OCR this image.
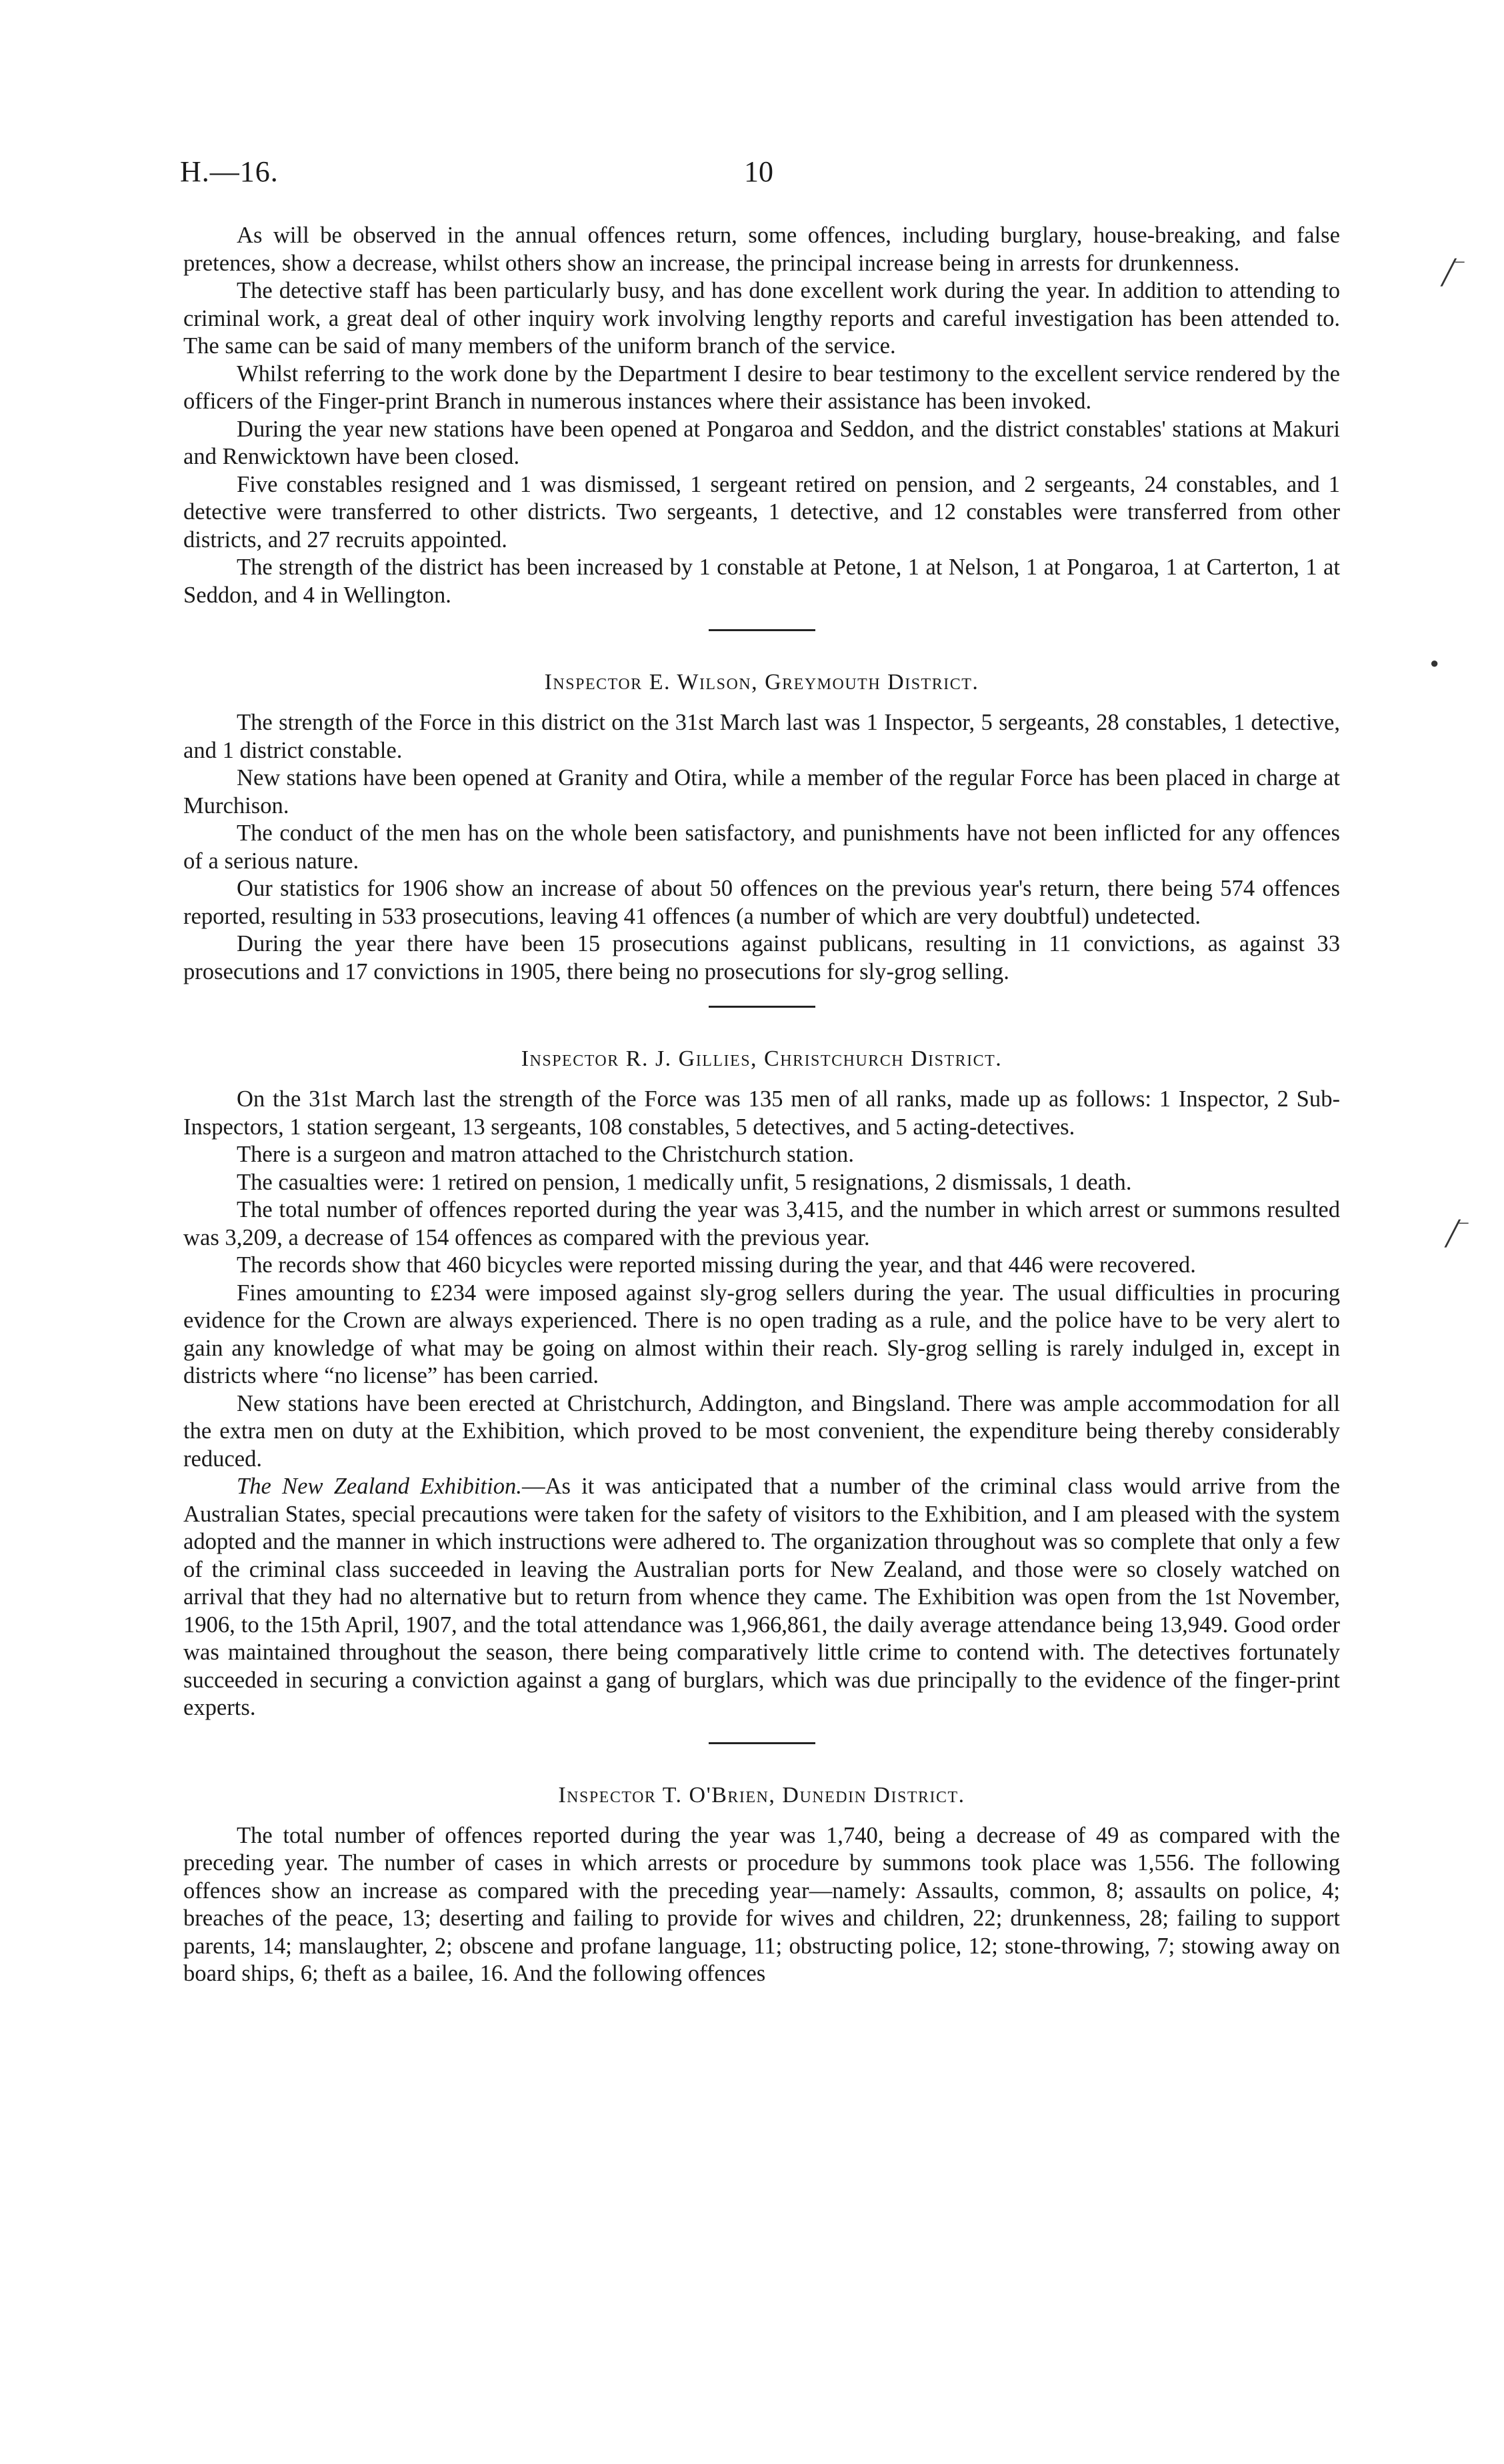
H.—16.	10
╱‾
╱‾
●

As will be observed in the annual offences return, some offences, including burglary, house-breaking, and false pretences, show a decrease, whilst others show an increase, the principal increase being in arrests for drunkenness.

The detective staff has been particularly busy, and has done excellent work during the year. In addition to attending to criminal work, a great deal of other inquiry work involving lengthy reports and careful investigation has been attended to. The same can be said of many members of the uniform branch of the service.

Whilst referring to the work done by the Department I desire to bear testimony to the excellent service rendered by the officers of the Finger-print Branch in numerous instances where their assistance has been invoked.

During the year new stations have been opened at Pongaroa and Seddon, and the district constables' stations at Makuri and Renwicktown have been closed.

Five constables resigned and 1 was dismissed, 1 sergeant retired on pension, and 2 sergeants, 24 constables, and 1 detective were transferred to other districts. Two sergeants, 1 detective, and 12 constables were transferred from other districts, and 27 recruits appointed.

The strength of the district has been increased by 1 constable at Petone, 1 at Nelson, 1 at Pongaroa, 1 at Carterton, 1 at Seddon, and 4 in Wellington.

Inspector E. Wilson, Greymouth District.

The strength of the Force in this district on the 31st March last was 1 Inspector, 5 sergeants, 28 constables, 1 detective, and 1 district constable.

New stations have been opened at Granity and Otira, while a member of the regular Force has been placed in charge at Murchison.

The conduct of the men has on the whole been satisfactory, and punishments have not been inflicted for any offences of a serious nature.

Our statistics for 1906 show an increase of about 50 offences on the previous year's return, there being 574 offences reported, resulting in 533 prosecutions, leaving 41 offences (a number of which are very doubtful) undetected.

During the year there have been 15 prosecutions against publicans, resulting in 11 convictions, as against 33 prosecutions and 17 convictions in 1905, there being no prosecutions for sly-grog selling.

Inspector R. J. Gillies, Christchurch District.

On the 31st March last the strength of the Force was 135 men of all ranks, made up as follows: 1 Inspector, 2 Sub-Inspectors, 1 station sergeant, 13 sergeants, 108 constables, 5 detectives, and 5 acting-detectives.

There is a surgeon and matron attached to the Christchurch station.

The casualties were: 1 retired on pension, 1 medically unfit, 5 resignations, 2 dismissals, 1 death.

The total number of offences reported during the year was 3,415, and the number in which arrest or summons resulted was 3,209, a decrease of 154 offences as compared with the previous year.

The records show that 460 bicycles were reported missing during the year, and that 446 were recovered.

Fines amounting to £234 were imposed against sly-grog sellers during the year. The usual difficulties in procuring evidence for the Crown are always experienced. There is no open trading as a rule, and the police have to be very alert to gain any knowledge of what may be going on almost within their reach. Sly-grog selling is rarely indulged in, except in districts where “no license” has been carried.

New stations have been erected at Christchurch, Addington, and Bingsland. There was ample accommodation for all the extra men on duty at the Exhibition, which proved to be most convenient, the expenditure being thereby considerably reduced.

The New Zealand Exhibition.—As it was anticipated that a number of the criminal class would arrive from the Australian States, special precautions were taken for the safety of visitors to the Exhibition, and I am pleased with the system adopted and the manner in which instructions were adhered to. The organization throughout was so complete that only a few of the criminal class succeeded in leaving the Australian ports for New Zealand, and those were so closely watched on arrival that they had no alternative but to return from whence they came. The Exhibition was open from the 1st November, 1906, to the 15th April, 1907, and the total attendance was 1,966,861, the daily average attendance being 13,949. Good order was maintained throughout the season, there being comparatively little crime to contend with. The detectives fortunately succeeded in securing a conviction against a gang of burglars, which was due principally to the evidence of the finger-print experts.

Inspector T. O'Brien, Dunedin District.

The total number of offences reported during the year was 1,740, being a decrease of 49 as compared with the preceding year. The number of cases in which arrests or procedure by summons took place was 1,556. The following offences show an increase as compared with the preceding year—namely: Assaults, common, 8; assaults on police, 4; breaches of the peace, 13; deserting and failing to provide for wives and children, 22; drunkenness, 28; failing to support parents, 14; manslaughter, 2; obscene and profane language, 11; obstructing police, 12; stone-throwing, 7; stowing away on board ships, 6; theft as a bailee, 16. And the following offences
